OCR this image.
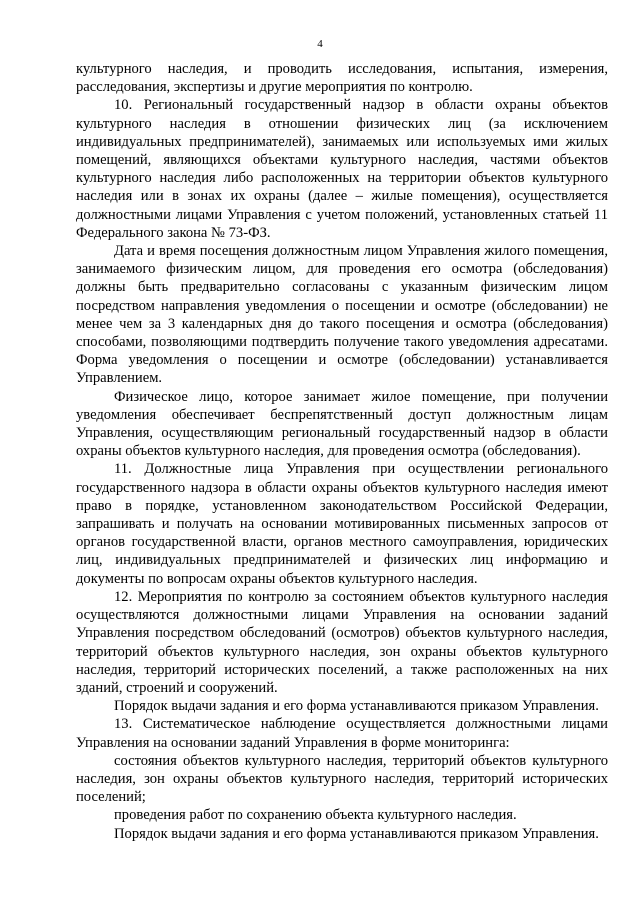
4

культурного наследия, и проводить исследования, испытания, измерения, расследования, экспертизы и другие мероприятия по контролю.

10. Региональный государственный надзор в области охраны объектов культурного наследия в отношении физических лиц (за исключением индивидуальных предпринимателей), занимаемых или используемых ими жилых помещений, являющихся объектами культурного наследия, частями объектов культурного наследия либо расположенных на территории объектов культурного наследия или в зонах их охраны (далее – жилые помещения), осуществляется должностными лицами Управления с учетом положений, установленных статьей 11 Федерального закона № 73-ФЗ.

Дата и время посещения должностным лицом Управления жилого помещения, занимаемого физическим лицом, для проведения его осмотра (обследования) должны быть предварительно согласованы с указанным физическим лицом посредством направления уведомления о посещении и осмотре (обследовании) не менее чем за 3 календарных дня до такого посещения и осмотра (обследования) способами, позволяющими подтвердить получение такого уведомления адресатами. Форма уведомления о посещении и осмотре (обследовании) устанавливается Управлением.

Физическое лицо, которое занимает жилое помещение, при получении уведомления обеспечивает беспрепятственный доступ должностным лицам Управления, осуществляющим региональный государственный надзор в области охраны объектов культурного наследия, для проведения осмотра (обследования).

11. Должностные лица Управления при осуществлении регионального государственного надзора в области охраны объектов культурного наследия имеют право в порядке, установленном законодательством Российской Федерации, запрашивать и получать на основании мотивированных письменных запросов от органов государственной власти, органов местного самоуправления, юридических лиц, индивидуальных предпринимателей и физических лиц информацию и документы по вопросам охраны объектов культурного наследия.

12. Мероприятия по контролю за состоянием объектов культурного наследия осуществляются должностными лицами Управления на основании заданий Управления посредством обследований (осмотров) объектов культурного наследия, территорий объектов культурного наследия, зон охраны объектов культурного наследия, территорий исторических поселений, а также расположенных на них зданий, строений и сооружений.

Порядок выдачи задания и его форма устанавливаются приказом Управления.

13. Систематическое наблюдение осуществляется должностными лицами Управления на основании заданий Управления в форме мониторинга:

состояния объектов культурного наследия, территорий объектов культурного наследия, зон охраны объектов культурного наследия, территорий исторических поселений;

проведения работ по сохранению объекта культурного наследия.

Порядок выдачи задания и его форма устанавливаются приказом Управления.
